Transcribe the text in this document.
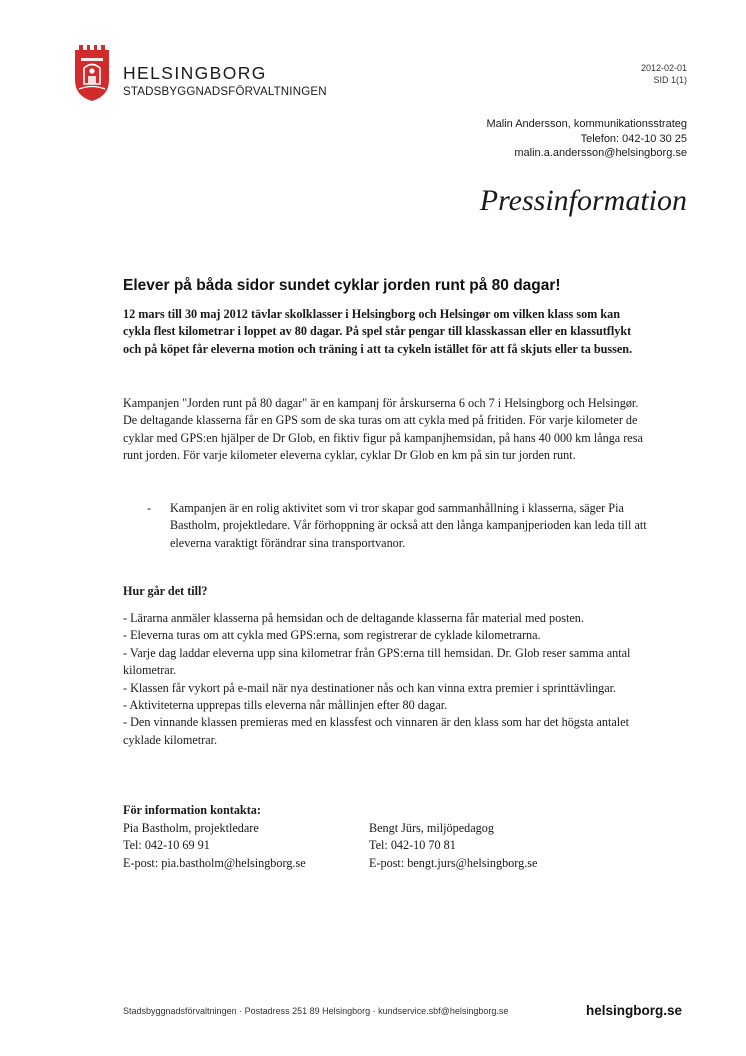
HELSINGBORG
STADSBYGGNADSFÖRVALTNINGEN
2012-02-01
SID 1(1)
Malin Andersson, kommunikationsstrateg
Telefon: 042-10 30 25
malin.a.andersson@helsingborg.se
Pressinformation
Elever på båda sidor sundet cyklar jorden runt på 80 dagar!
12 mars till 30 maj 2012 tävlar skolklasser i Helsingborg och Helsingør om vilken klass som kan cykla flest kilometrar i loppet av 80 dagar. På spel står pengar till klasskassan eller en klassutflykt och på köpet får eleverna motion och träning i att ta cykeln istället för att få skjuts eller ta bussen.
Kampanjen "Jorden runt på 80 dagar" är en kampanj för årskurserna 6 och 7 i Helsingborg och Helsingør. De deltagande klasserna får en GPS som de ska turas om att cykla med på fritiden. För varje kilometer de cyklar med GPS:en hjälper de Dr Glob, en fiktiv figur på kampanjhemsidan, på hans 40 000 km långa resa runt jorden. För varje kilometer eleverna cyklar, cyklar Dr Glob en km på sin tur jorden runt.
- Kampanjen är en rolig aktivitet som vi tror skapar god sammanhållning i klasserna, säger Pia Bastholm, projektledare. Vår förhoppning är också att den långa kampanjperioden kan leda till att eleverna varaktigt förändrar sina transportvanor.
Hur går det till?
- Lärarna anmäler klasserna på hemsidan och de deltagande klasserna får material med posten.
- Eleverna turas om att cykla med GPS:erna, som registrerar de cyklade kilometrarna.
- Varje dag laddar eleverna upp sina kilometrar från GPS:erna till hemsidan. Dr. Glob reser samma antal kilometrar.
- Klassen får vykort på e-mail när nya destinationer nås och kan vinna extra premier i sprinttävlingar.
- Aktiviteterna upprepas tills eleverna når mållinjen efter 80 dagar.
- Den vinnande klassen premieras med en klassfest och vinnaren är den klass som har det högsta antalet cyklade kilometrar.
För information kontakta:
Pia Bastholm, projektledare
Tel: 042-10 69 91
E-post: pia.bastholm@helsingborg.se
Bengt Jürs, miljöpedagog
Tel: 042-10 70 81
E-post: bengt.jurs@helsingborg.se
Stadsbyggnadsförvaltningen · Postadress 251 89 Helsingborg · kundservice.sbf@helsingborg.se	helsingborg.se
